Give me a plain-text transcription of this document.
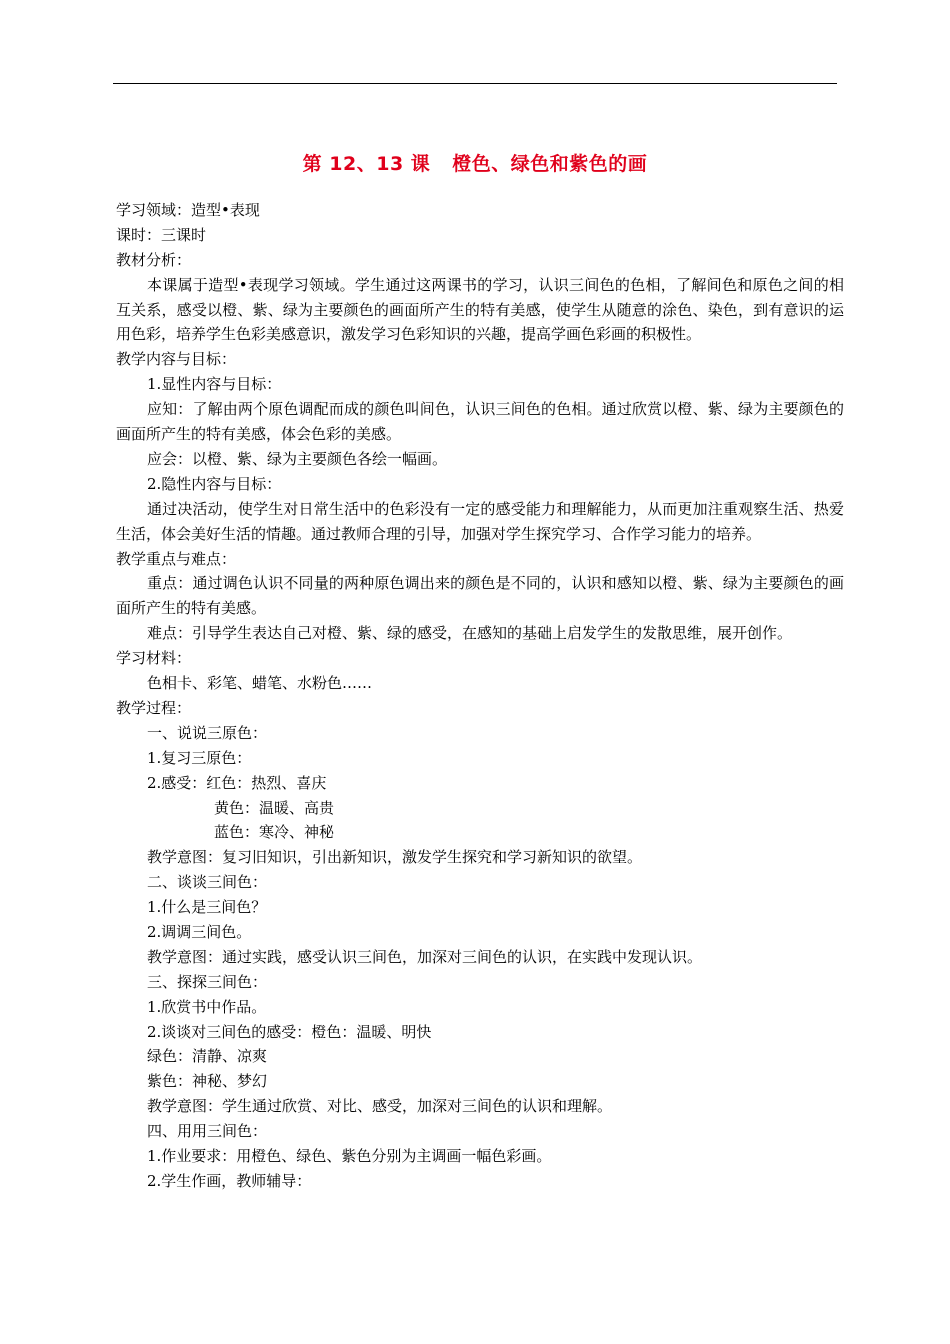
第 12、13 课 橙色、绿色和紫色的画
学习领域：造型•表现
课时：三课时
教材分析：
本课属于造型•表现学习领域。学生通过这两课书的学习，认识三间色的色相，了解间色和原色之间的相互关系，感受以橙、紫、绿为主要颜色的画面所产生的特有美感，使学生从随意的涂色、染色，到有意识的运用色彩，培养学生色彩美感意识，激发学习色彩知识的兴趣，提高学画色彩画的积极性。
教学内容与目标：
1.显性内容与目标：
应知：了解由两个原色调配而成的颜色叫间色，认识三间色的色相。通过欣赏以橙、紫、绿为主要颜色的画面所产生的特有美感，体会色彩的美感。
应会：以橙、紫、绿为主要颜色各绘一幅画。
2.隐性内容与目标：
通过决活动，使学生对日常生活中的色彩没有一定的感受能力和理解能力，从而更加注重观察生活、热爱生活，体会美好生活的情趣。通过教师合理的引导，加强对学生探究学习、合作学习能力的培养。
教学重点与难点：
重点：通过调色认识不同量的两种原色调出来的颜色是不同的，认识和感知以橙、紫、绿为主要颜色的画面所产生的特有美感。
难点：引导学生表达自己对橙、紫、绿的感受，在感知的基础上启发学生的发散思维，展开创作。
学习材料：
色相卡、彩笔、蜡笔、水粉色……
教学过程：
一、说说三原色：
1.复习三原色：
2.感受：红色：热烈、喜庆
黄色：温暖、高贵
蓝色：寒冷、神秘
教学意图：复习旧知识，引出新知识，激发学生探究和学习新知识的欲望。
二、谈谈三间色：
1.什么是三间色？
2.调调三间色。
教学意图：通过实践，感受认识三间色，加深对三间色的认识，在实践中发现认识。
三、探探三间色：
1.欣赏书中作品。
2.谈谈对三间色的感受：橙色：温暖、明快
绿色：清静、凉爽
紫色：神秘、梦幻
教学意图：学生通过欣赏、对比、感受，加深对三间色的认识和理解。
四、用用三间色：
1.作业要求：用橙色、绿色、紫色分别为主调画一幅色彩画。
2.学生作画，教师辅导：
